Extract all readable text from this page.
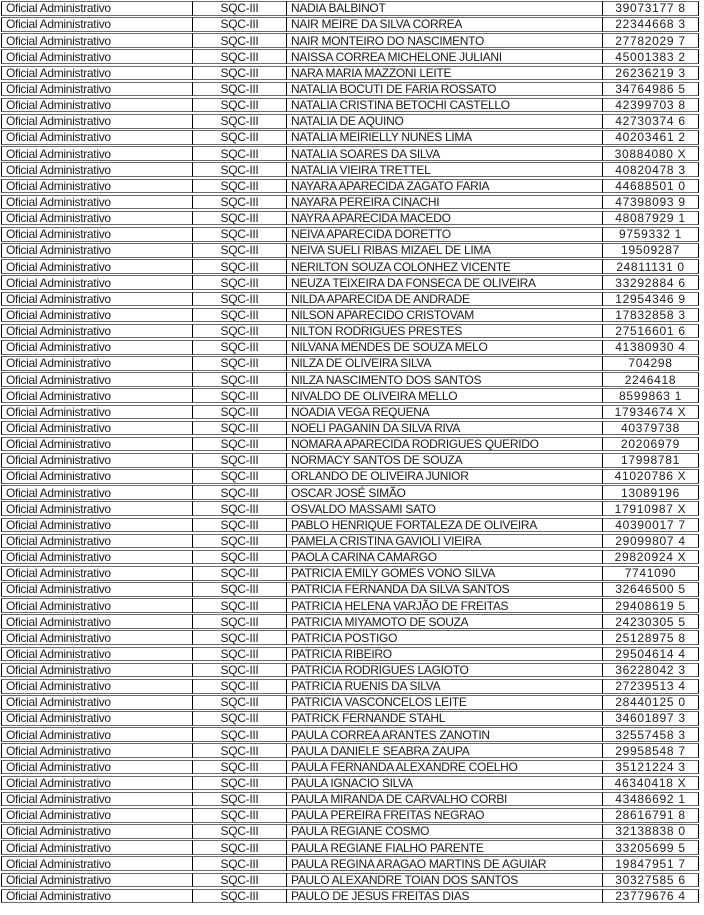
Oficial Administrativo	SQC-III	NADIA BALBINOT	39073177 8
Oficial Administrativo	SQC-III	NAIR MEIRE DA SILVA CORREA	22344668 3
Oficial Administrativo	SQC-III	NAIR MONTEIRO DO NASCIMENTO	27782029 7
Oficial Administrativo	SQC-III	NAISSA CORREA MICHELONE JULIANI	45001383 2
Oficial Administrativo	SQC-III	NARA MARIA MAZZONI LEITE	26236219 3
Oficial Administrativo	SQC-III	NATALIA BOCUTI DE FARIA ROSSATO	34764986 5
Oficial Administrativo	SQC-III	NATALIA CRISTINA BETOCHI CASTELLO	42399703 8
Oficial Administrativo	SQC-III	NATALIA DE AQUINO	42730374 6
Oficial Administrativo	SQC-III	NATALIA MEIRIELLY NUNES LIMA	40203461 2
Oficial Administrativo	SQC-III	NATALIA SOARES DA SILVA	30884080 X
Oficial Administrativo	SQC-III	NATALIA VIEIRA TRETTEL	40820478 3
Oficial Administrativo	SQC-III	NAYARA APARECIDA ZAGATO FARIA	44688501 0
Oficial Administrativo	SQC-III	NAYARA PEREIRA CINACHI	47398093 9
Oficial Administrativo	SQC-III	NAYRA APARECIDA MACEDO	48087929 1
Oficial Administrativo	SQC-III	NEIVA APARECIDA DORETTO	9759332 1
Oficial Administrativo	SQC-III	NEIVA SUELI RIBAS MIZAEL DE LIMA	19509287
Oficial Administrativo	SQC-III	NERILTON SOUZA COLONHEZ VICENTE	24811131 0
Oficial Administrativo	SQC-III	NEUZA TEIXEIRA DA FONSECA DE OLIVEIRA	33292884 6
Oficial Administrativo	SQC-III	NILDA APARECIDA DE ANDRADE	12954346 9
Oficial Administrativo	SQC-III	NILSON APARECIDO CRISTOVAM	17832858 3
Oficial Administrativo	SQC-III	NILTON RODRIGUES PRESTES	27516601 6
Oficial Administrativo	SQC-III	NILVANA MENDES DE SOUZA MELO	41380930 4
Oficial Administrativo	SQC-III	NILZA DE OLIVEIRA SILVA	704298
Oficial Administrativo	SQC-III	NILZA NASCIMENTO DOS SANTOS	2246418
Oficial Administrativo	SQC-III	NIVALDO DE OLIVEIRA MELLO	8599863 1
Oficial Administrativo	SQC-III	NOADIA VEGA REQUENA	17934674 X
Oficial Administrativo	SQC-III	NOELI PAGANIN DA SILVA RIVA	40379738
Oficial Administrativo	SQC-III	NOMARA APARECIDA RODRIGUES QUERIDO	20206979
Oficial Administrativo	SQC-III	NORMACY SANTOS DE SOUZA	17998781
Oficial Administrativo	SQC-III	ORLANDO DE OLIVEIRA JUNIOR	41020786 X
Oficial Administrativo	SQC-III	OSCAR JOSÉ SIMÃO	13089196
Oficial Administrativo	SQC-III	OSVALDO MASSAMI SATO	17910987 X
Oficial Administrativo	SQC-III	PABLO HENRIQUE FORTALEZA DE OLIVEIRA	40390017 7
Oficial Administrativo	SQC-III	PAMELA CRISTINA GAVIOLI VIEIRA	29099807 4
Oficial Administrativo	SQC-III	PAOLA CARINA CAMARGO	29820924 X
Oficial Administrativo	SQC-III	PATRICIA EMILY GOMES VONO SILVA	7741090
Oficial Administrativo	SQC-III	PATRICIA FERNANDA DA SILVA SANTOS	32646500 5
Oficial Administrativo	SQC-III	PATRICIA HELENA VARJÃO DE FREITAS	29408619 5
Oficial Administrativo	SQC-III	PATRICIA MIYAMOTO DE SOUZA	24230305 5
Oficial Administrativo	SQC-III	PATRICIA POSTIGO	25128975 8
Oficial Administrativo	SQC-III	PATRICIA RIBEIRO	29504614 4
Oficial Administrativo	SQC-III	PATRICIA RODRIGUES LAGIOTO	36228042 3
Oficial Administrativo	SQC-III	PATRICIA RUENIS DA SILVA	27239513 4
Oficial Administrativo	SQC-III	PATRICIA VASCONCELOS LEITE	28440125 0
Oficial Administrativo	SQC-III	PATRICK FERNANDE STAHL	34601897 3
Oficial Administrativo	SQC-III	PAULA CORREA ARANTES ZANOTIN	32557458 3
Oficial Administrativo	SQC-III	PAULA DANIELE SEABRA ZAUPA	29958548 7
Oficial Administrativo	SQC-III	PAULA FERNANDA ALEXANDRE COELHO	35121224 3
Oficial Administrativo	SQC-III	PAULA IGNACIO SILVA	46340418 X
Oficial Administrativo	SQC-III	PAULA MIRANDA DE CARVALHO CORBI	43486692 1
Oficial Administrativo	SQC-III	PAULA PEREIRA FREITAS NEGRAO	28616791 8
Oficial Administrativo	SQC-III	PAULA REGIANE COSMO	32138838 0
Oficial Administrativo	SQC-III	PAULA REGIANE FIALHO PARENTE	33205699 5
Oficial Administrativo	SQC-III	PAULA REGINA ARAGAO MARTINS DE AGUIAR	19847951 7
Oficial Administrativo	SQC-III	PAULO ALEXANDRE TOIAN DOS SANTOS	30327585 6
Oficial Administrativo	SQC-III	PAULO DE JESUS FREITAS DIAS	23779676 4
